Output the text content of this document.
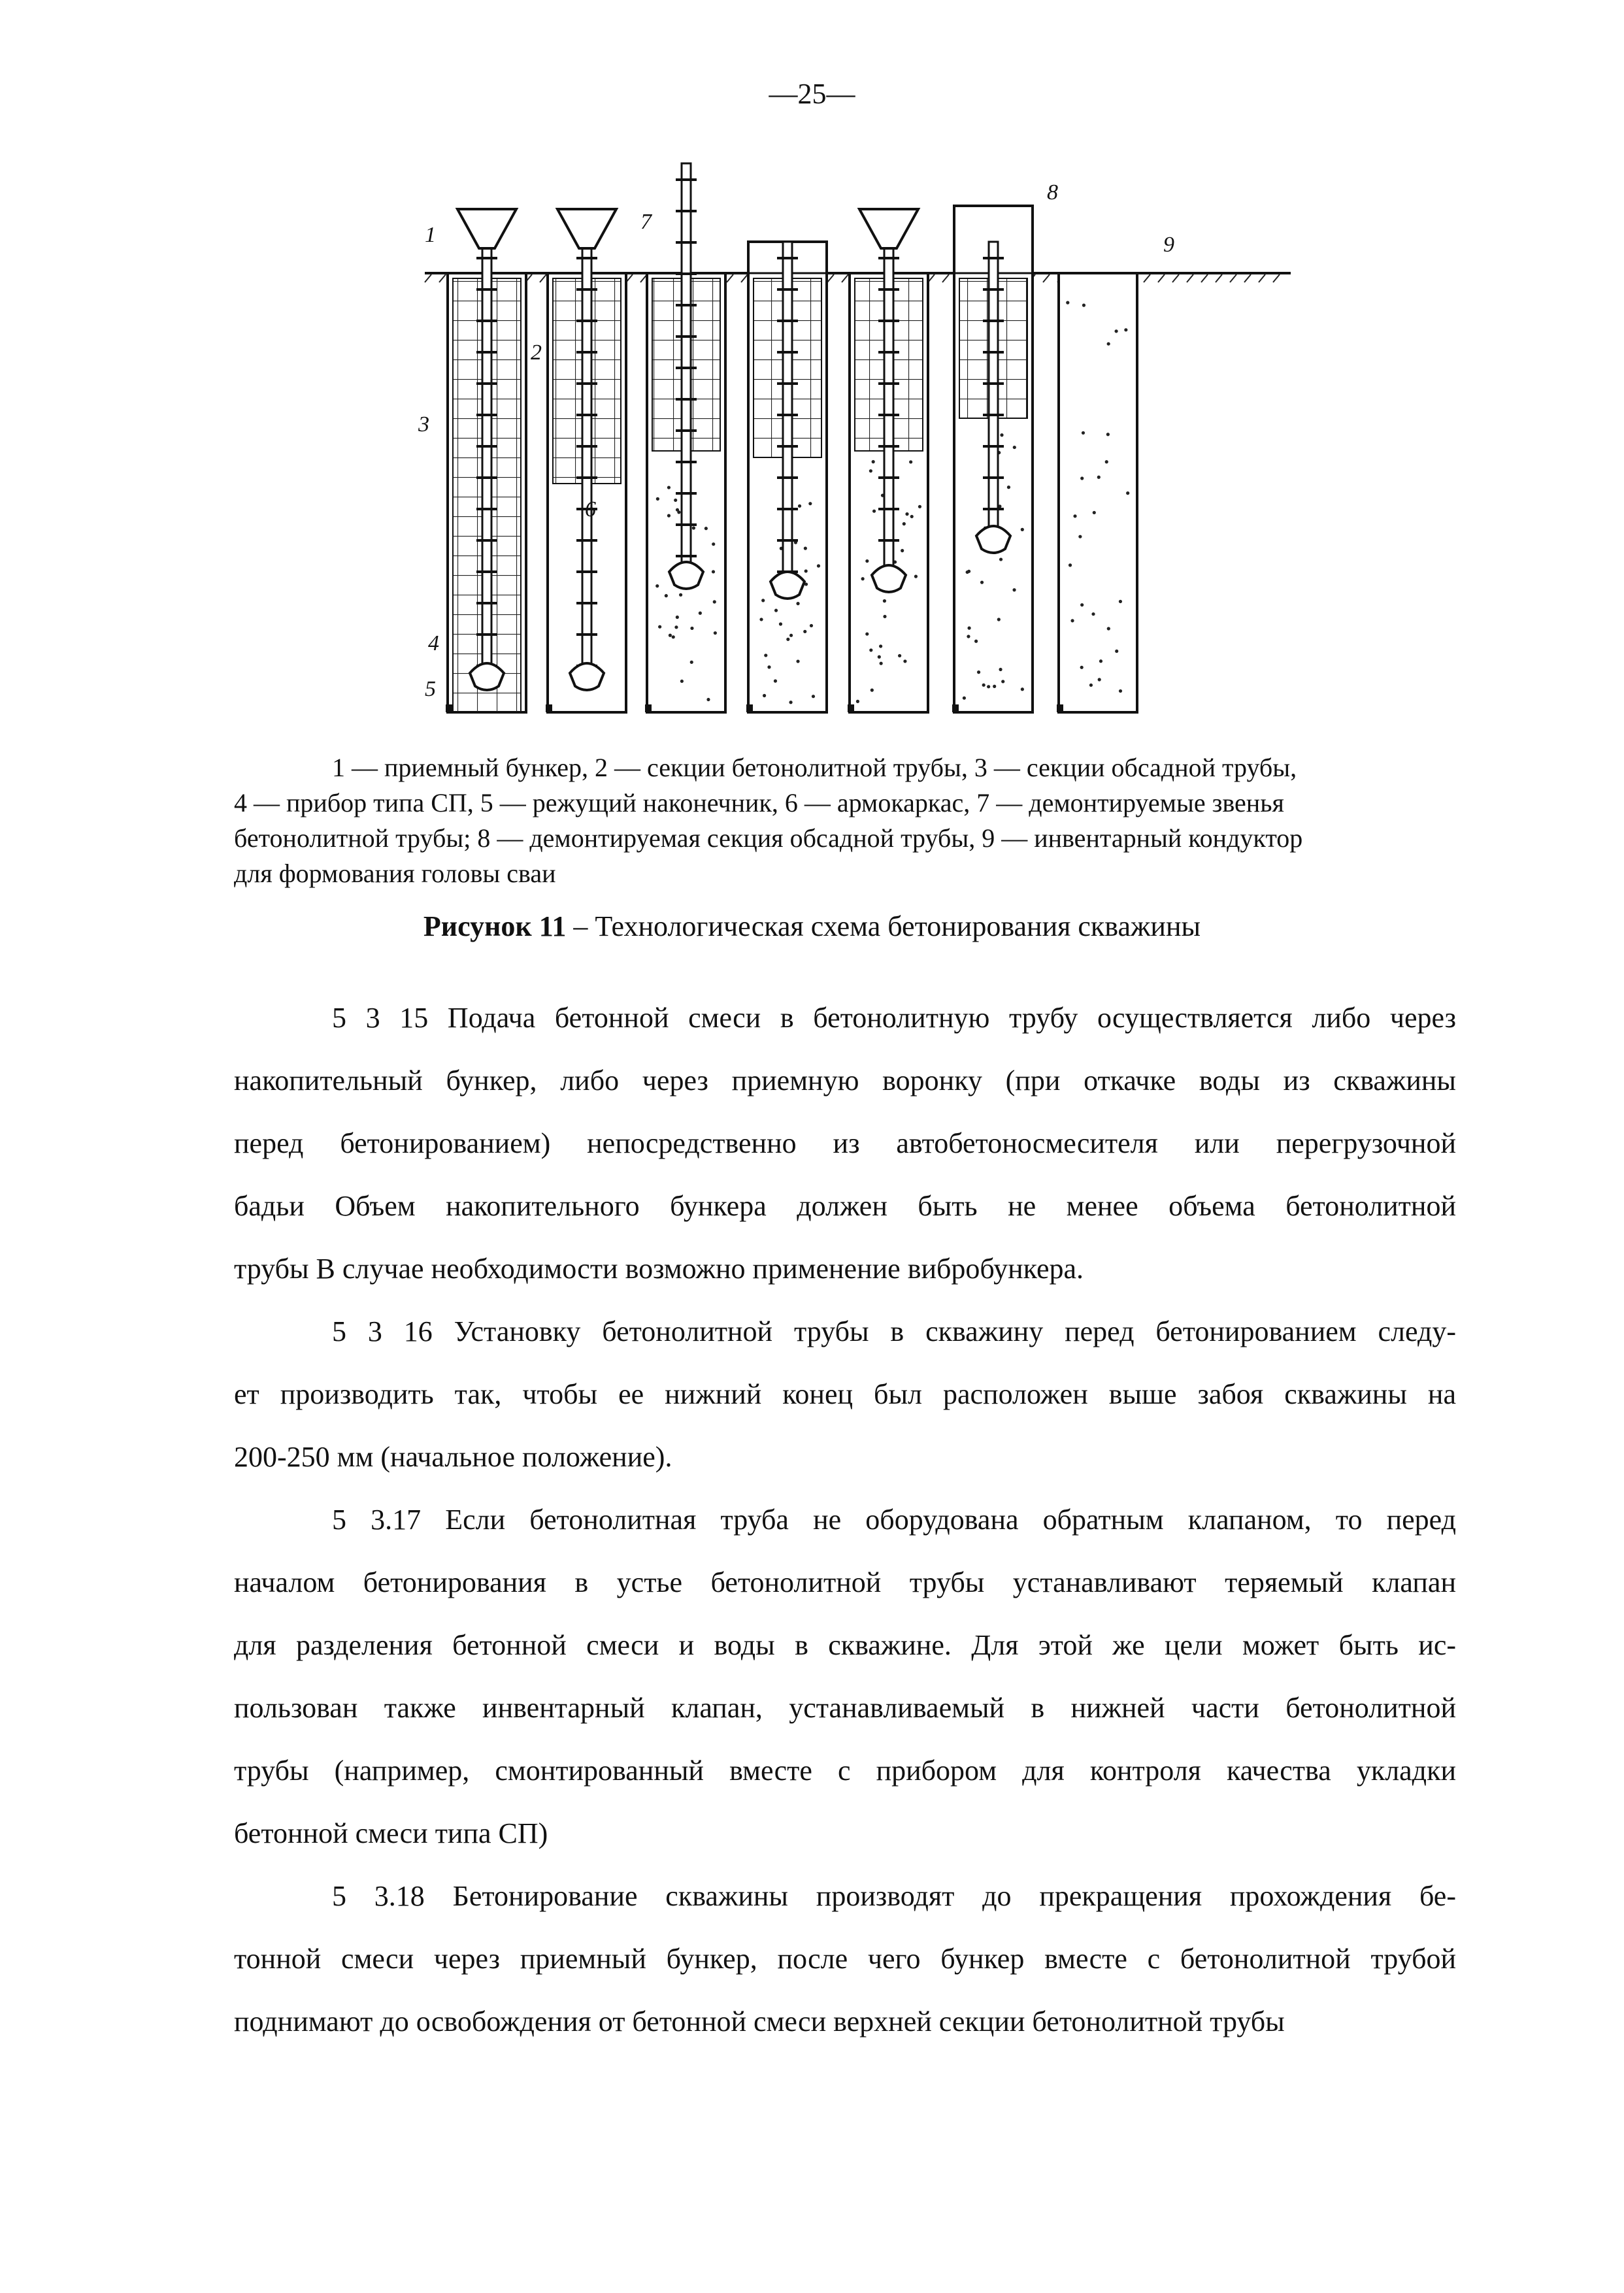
—25—
1
2
3
4
5
6
7
8
9
1 — приемный бункер, 2 — секции бетонолитной трубы, 3 — секции обсадной трубы,
4 — прибор типа СП, 5 — режущий наконечник, 6 — армокаркас, 7 — демонтируемые звенья
бетонолитной трубы; 8 — демонтируемая секция обсадной трубы, 9 — инвентарный кондуктор
для формования головы сваи
Рисунок 11 – Технологическая схема бетонирования скважины
5 3 15 Подача бетонной смеси в бетонолитную трубу осуществляется либо через
накопительный бункер, либо через приемную воронку (при откачке воды из скважины
перед бетонированием) непосредственно из автобетоносмесителя или перегрузочной
бадьи Объем накопительного бункера должен быть не менее объема бетонолитной
трубы В случае необходимости возможно применение вибробункера.
5 3 16 Установку бетонолитной трубы в скважину перед бетонированием следу-
ет производить так, чтобы ее нижний конец был расположен выше забоя скважины на
200-250 мм (начальное положение).
5 3.17 Если бетонолитная труба не оборудована обратным клапаном, то перед
началом бетонирования в устье бетонолитной трубы устанавливают теряемый клапан
для разделения бетонной смеси и воды в скважине. Для этой же цели может быть ис-
пользован также инвентарный клапан, устанавливаемый в нижней части бетонолитной
трубы (например, смонтированный вместе с прибором для контроля качества укладки
бетонной смеси типа СП)
5 3.18 Бетонирование скважины производят до прекращения прохождения бе-
тонной смеси через приемный бункер, после чего бункер вместе с бетонолитной трубой
поднимают до освобождения от бетонной смеси верхней секции бетонолитной трубы
